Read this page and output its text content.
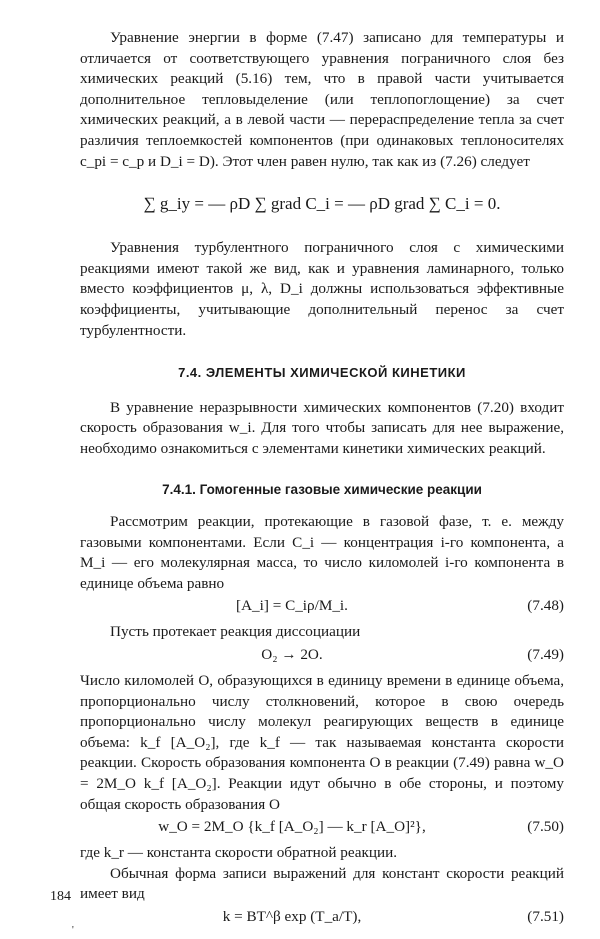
Уравнение энергии в форме (7.47) записано для температуры и отличается от соответствующего уравнения пограничного слоя без химических реакций (5.16) тем, что в правой части учитывается дополнительное тепловыделение (или теплопоглощение) за счет химических реакций, а в левой части — перераспределение тепла за счет различия теплоемкостей компонентов (при одинаковых теплоносителях c_pi = c_p и D_i = D). Этот член равен нулю, так как из (7.26) следует

∑ g_iy = — ρD ∑ grad C_i = — ρD grad ∑ C_i = 0.

Уравнения турбулентного пограничного слоя с химическими реакциями имеют такой же вид, как и уравнения ламинарного, только вместо коэффициентов μ, λ, D_i должны использоваться эффективные коэффициенты, учитывающие дополнительный перенос за счет турбулентности.

7.4. ЭЛЕМЕНТЫ ХИМИЧЕСКОЙ КИНЕТИКИ

В уравнение неразрывности химических компонентов (7.20) входит скорость образования w_i. Для того чтобы записать для нее выражение, необходимо ознакомиться с элементами кинетики химических реакций.

7.4.1. Гомогенные газовые химические реакции

Рассмотрим реакции, протекающие в газовой фазе, т. е. между газовыми компонентами. Если C_i — концентрация i-го компонента, а M_i — его молекулярная масса, то число киломолей i-го компонента в единице объема равно

[A_i] = C_iρ/M_i.	(7.48)

Пусть протекает реакция диссоциации

O₂ → 2O.	(7.49)

Число киломолей О, образующихся в единицу времени в единице объема, пропорционально числу столкновений, которое в свою очередь пропорционально числу молекул реагирующих веществ в единице объема: k_f [A_O₂], где k_f — так называемая константа скорости реакции. Скорость образования компонента О в реакции (7.49) равна w_O = 2M_O k_f [A_O₂]. Реакции идут обычно в обе стороны, и поэтому общая скорость образования О

w_O = 2M_O {k_f [A_O₂] — k_r [A_O]²},	(7.50)

где k_r — константа скорости обратной реакции.

Обычная форма записи выражений для констант скорости реакций имеет вид

k = BT^β exp (T_a/T),	(7.51)
184
'
